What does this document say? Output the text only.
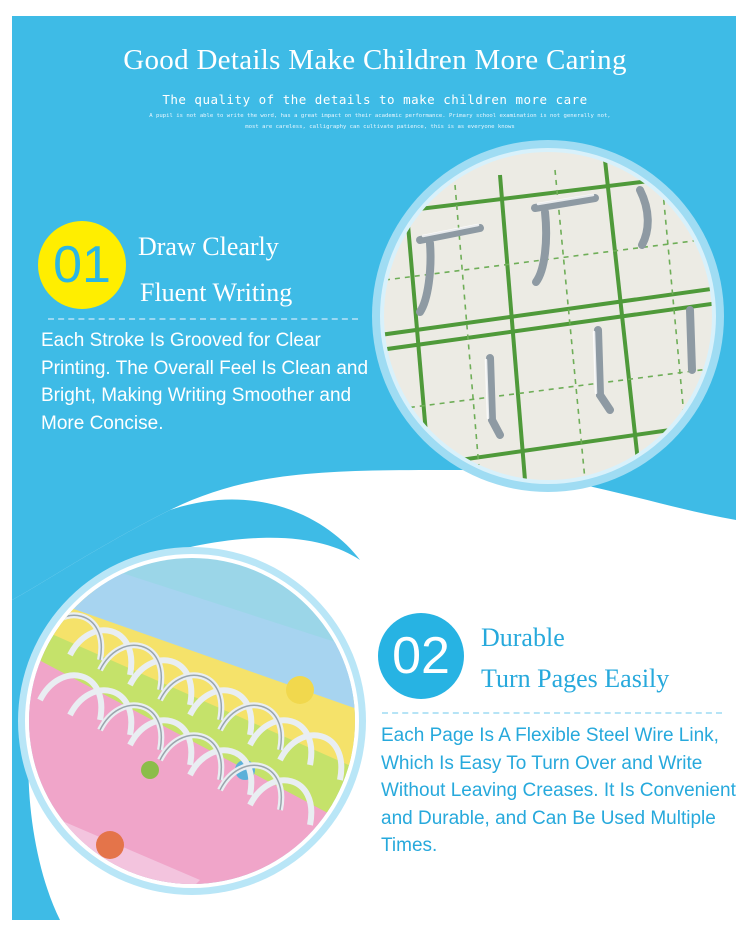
Good Details Make Children More Caring
The quality of the details to make children more care
A pupil is not able to write the word, has a great impact on their academic performance. Primary school examination is not generally not,
most are careless, calligraphy can cultivate patience, this is as everyone knows
01	Draw Clearly
Fluent Writing
Each Stroke Is Grooved for Clear Printing. The Overall Feel Is Clean and Bright, Making Writing Smoother and More Concise.
02	Durable
Turn Pages Easily
Each Page Is A Flexible Steel Wire Link, Which Is Easy To Turn Over and Write Without Leaving Creases. It Is Convenient and Durable, and Can Be Used Multiple Times.
